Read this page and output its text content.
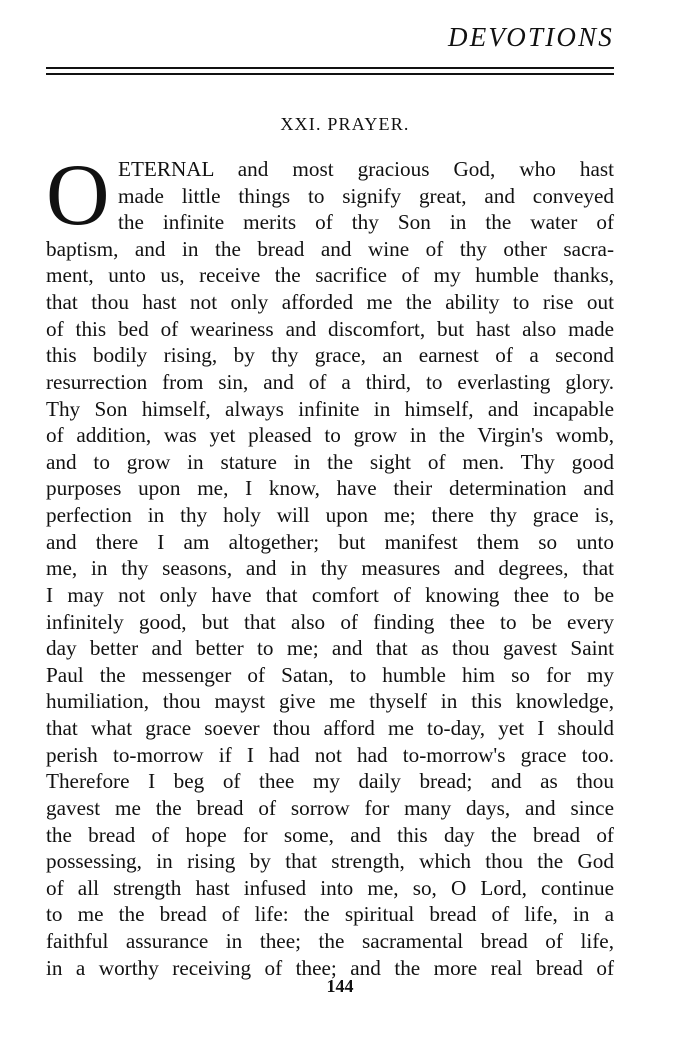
DEVOTIONS
XXI. PRAYER.
O ETERNAL and most gracious God, who hast
made little things to signify great, and conveyed
the infinite merits of thy Son in the water of
baptism, and in the bread and wine of thy other sacra-
ment, unto us, receive the sacrifice of my humble thanks,
that thou hast not only afforded me the ability to rise out
of this bed of weariness and discomfort, but hast also made
this bodily rising, by thy grace, an earnest of a second
resurrection from sin, and of a third, to everlasting glory.
Thy Son himself, always infinite in himself, and incapable
of addition, was yet pleased to grow in the Virgin's womb,
and to grow in stature in the sight of men. Thy good
purposes upon me, I know, have their determination and
perfection in thy holy will upon me; there thy grace is,
and there I am altogether; but manifest them so unto
me, in thy seasons, and in thy measures and degrees, that
I may not only have that comfort of knowing thee to be
infinitely good, but that also of finding thee to be every
day better and better to me; and that as thou gavest Saint
Paul the messenger of Satan, to humble him so for my
humiliation, thou mayst give me thyself in this knowledge,
that what grace soever thou afford me to-day, yet I should
perish to-morrow if I had not had to-morrow's grace too.
Therefore I beg of thee my daily bread; and as thou
gavest me the bread of sorrow for many days, and since
the bread of hope for some, and this day the bread of
possessing, in rising by that strength, which thou the God
of all strength hast infused into me, so, O Lord, continue
to me the bread of life: the spiritual bread of life, in a
faithful assurance in thee; the sacramental bread of life,
in a worthy receiving of thee; and the more real bread of
144
